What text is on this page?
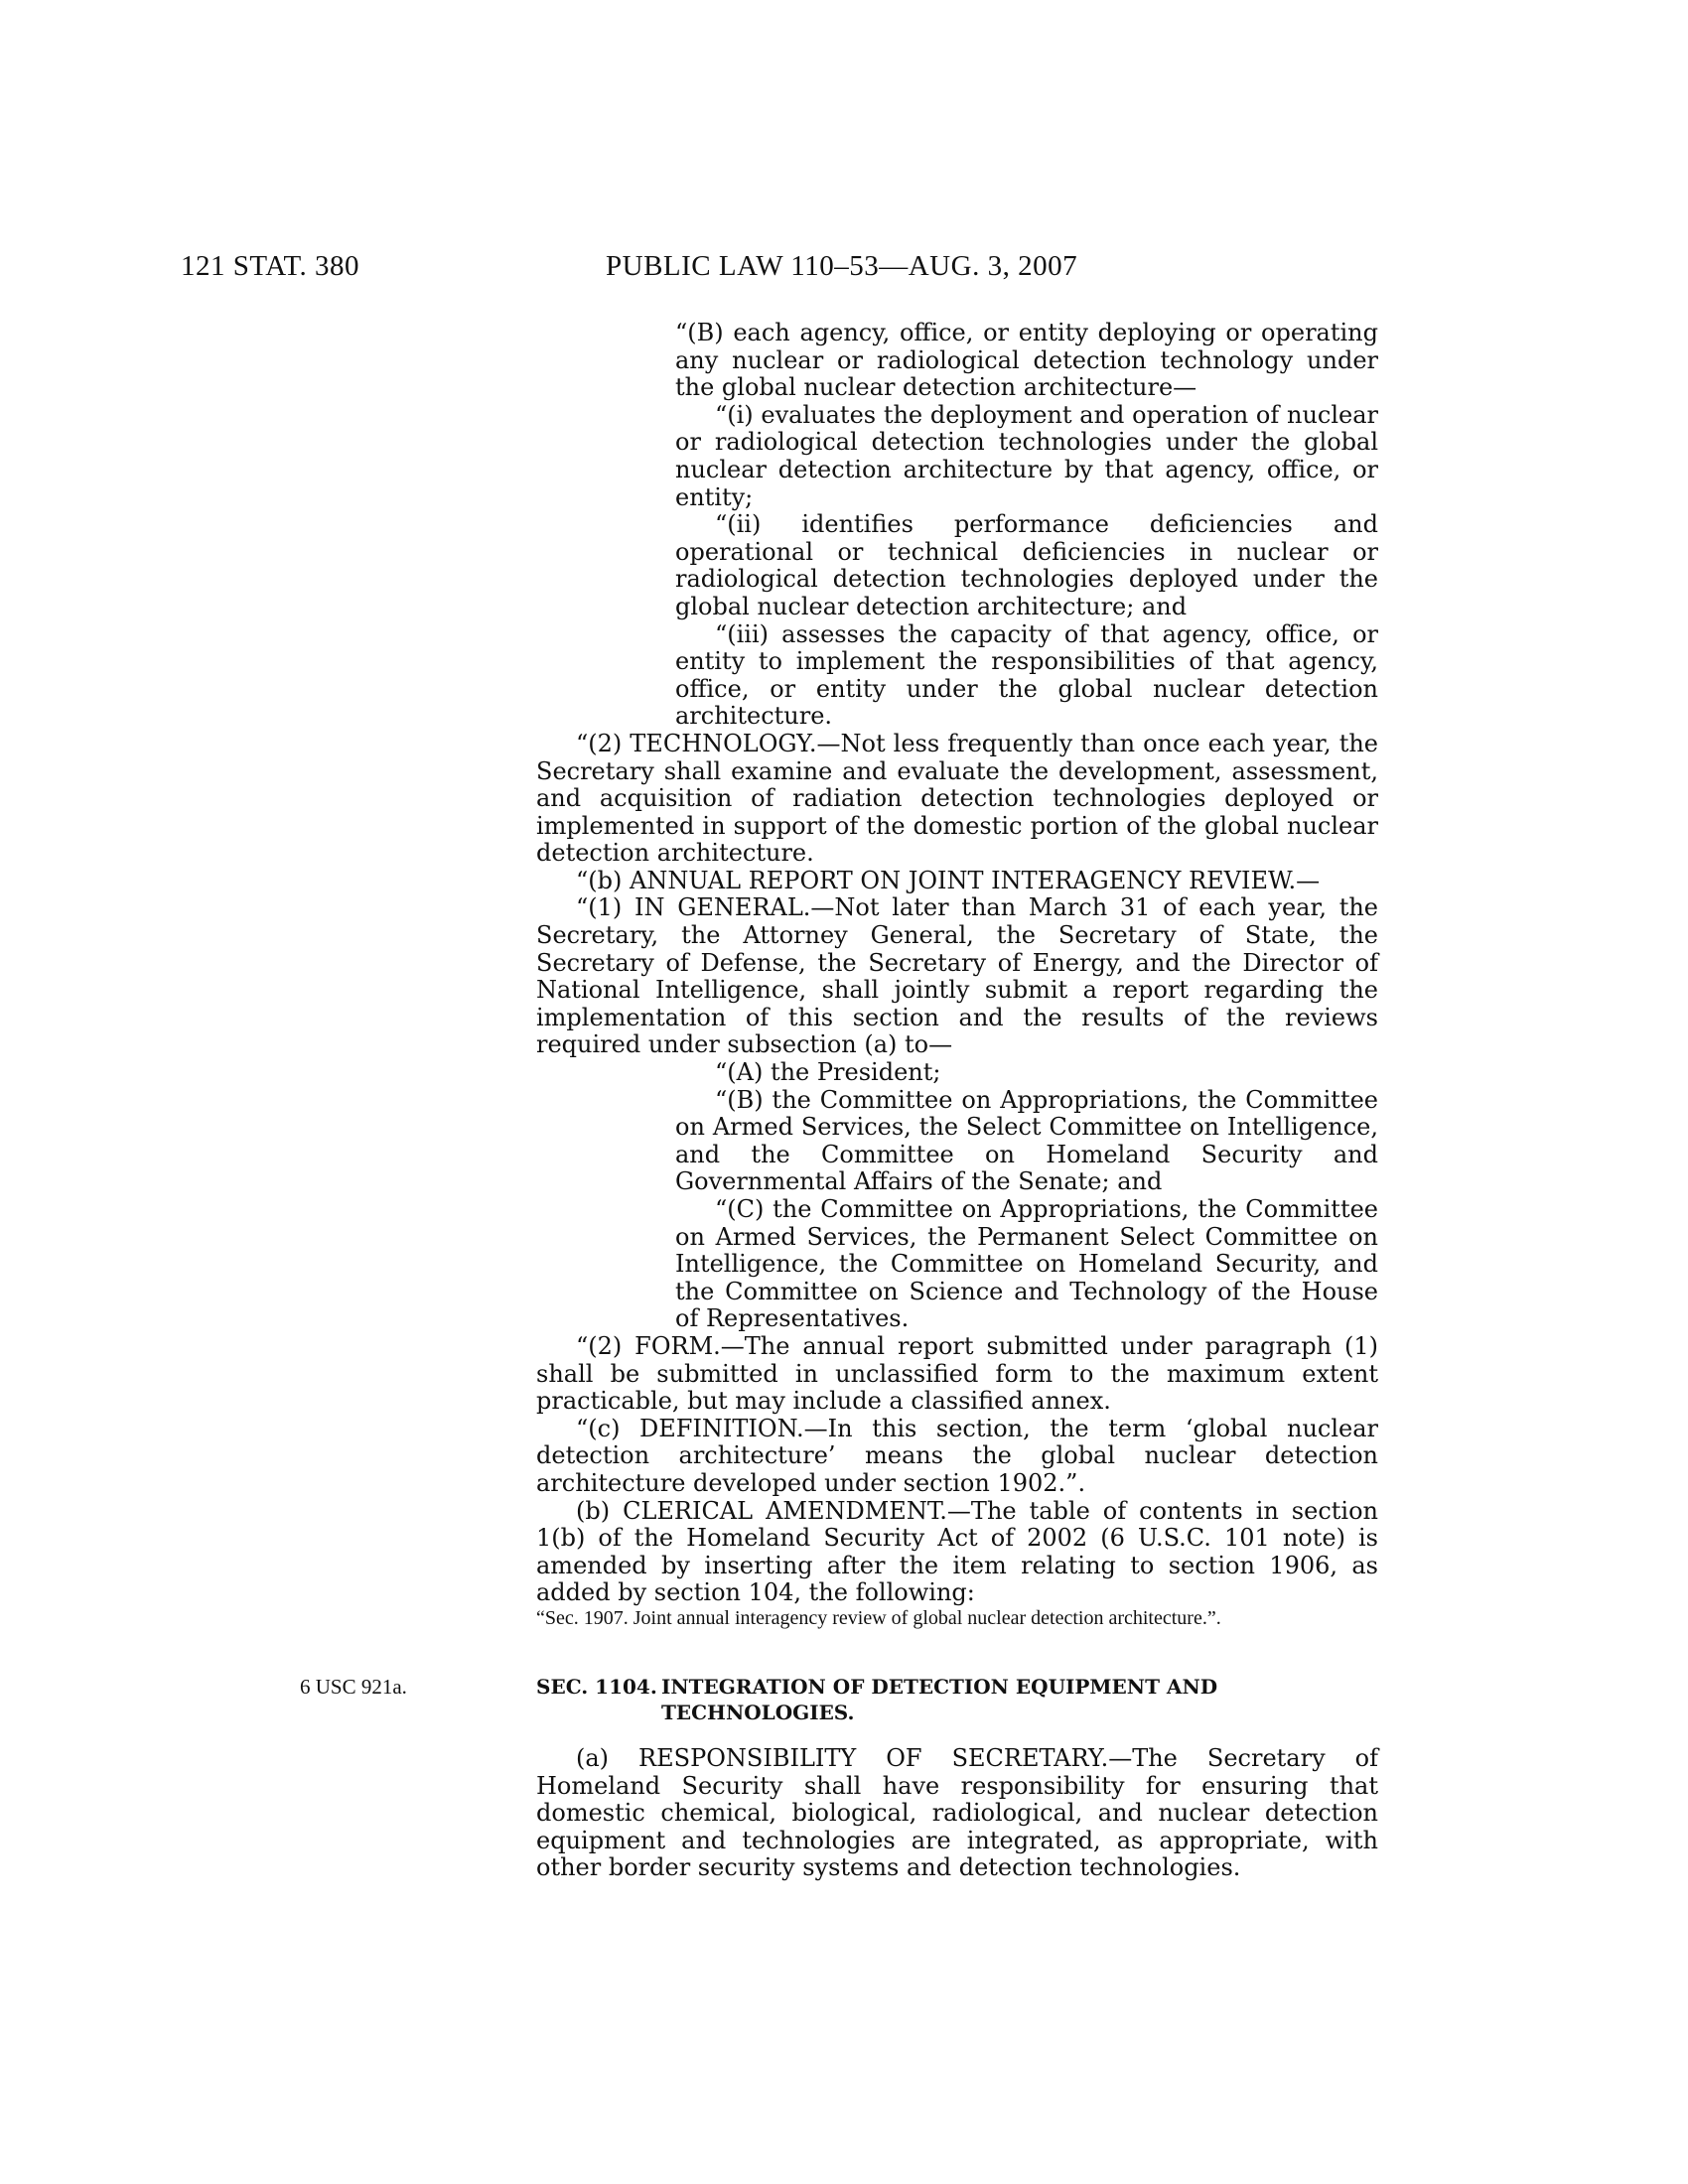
121 STAT. 380	PUBLIC LAW 110–53—AUG. 3, 2007

“(B) each agency, office, or entity deploying or operating any nuclear or radiological detection technology under the global nuclear detection architecture—

“(i) evaluates the deployment and operation of nuclear or radiological detection technologies under the global nuclear detection architecture by that agency, office, or entity;

“(ii) identifies performance deficiencies and operational or technical deficiencies in nuclear or radiological detection technologies deployed under the global nuclear detection architecture; and

“(iii) assesses the capacity of that agency, office, or entity to implement the responsibilities of that agency, office, or entity under the global nuclear detection architecture.

“(2) TECHNOLOGY.—Not less frequently than once each year, the Secretary shall examine and evaluate the development, assessment, and acquisition of radiation detection technologies deployed or implemented in support of the domestic portion of the global nuclear detection architecture.

“(b) ANNUAL REPORT ON JOINT INTERAGENCY REVIEW.—

“(1) IN GENERAL.—Not later than March 31 of each year, the Secretary, the Attorney General, the Secretary of State, the Secretary of Defense, the Secretary of Energy, and the Director of National Intelligence, shall jointly submit a report regarding the implementation of this section and the results of the reviews required under subsection (a) to—

“(A) the President;

“(B) the Committee on Appropriations, the Committee on Armed Services, the Select Committee on Intelligence, and the Committee on Homeland Security and Governmental Affairs of the Senate; and

“(C) the Committee on Appropriations, the Committee on Armed Services, the Permanent Select Committee on Intelligence, the Committee on Homeland Security, and the Committee on Science and Technology of the House of Representatives.

“(2) FORM.—The annual report submitted under paragraph (1) shall be submitted in unclassified form to the maximum extent practicable, but may include a classified annex.

“(c) DEFINITION.—In this section, the term ‘global nuclear detection architecture’ means the global nuclear detection architecture developed under section 1902.”.

(b) CLERICAL AMENDMENT.—The table of contents in section 1(b) of the Homeland Security Act of 2002 (6 U.S.C. 101 note) is amended by inserting after the item relating to section 1906, as added by section 104, the following:

“Sec. 1907. Joint annual interagency review of global nuclear detection architecture.”.

6 USC 921a.	SEC. 1104. INTEGRATION OF DETECTION EQUIPMENT AND TECHNOLOGIES.

(a) RESPONSIBILITY OF SECRETARY.—The Secretary of Homeland Security shall have responsibility for ensuring that domestic chemical, biological, radiological, and nuclear detection equipment and technologies are integrated, as appropriate, with other border security systems and detection technologies.
